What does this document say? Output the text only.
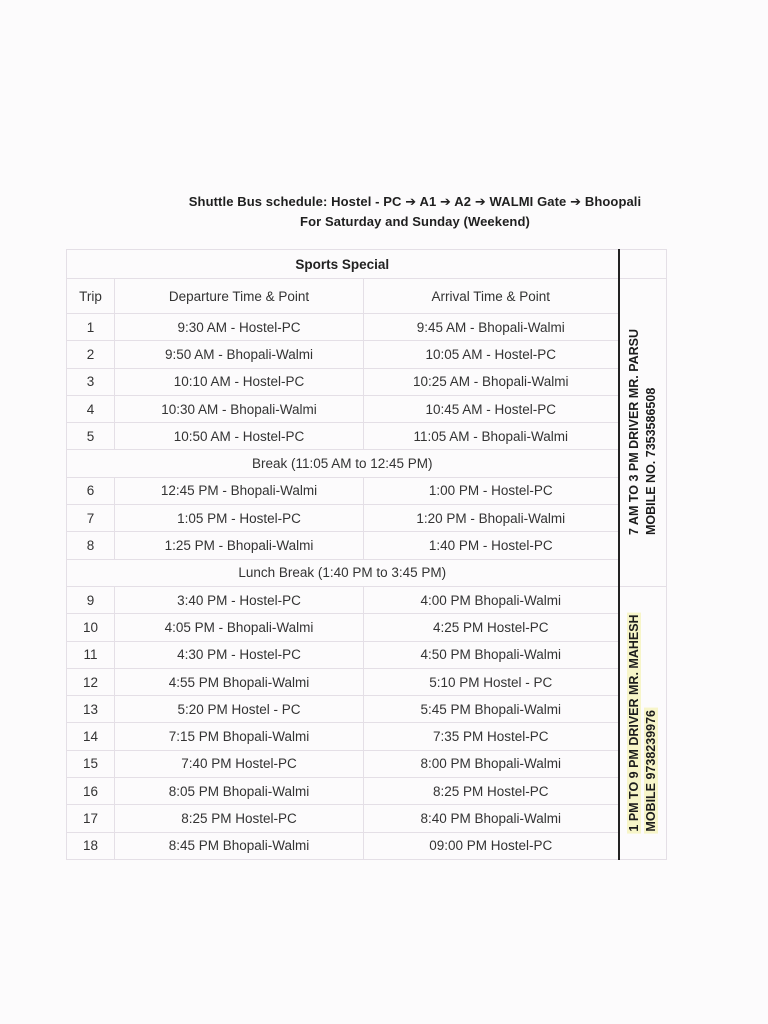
Shuttle Bus schedule: Hostel - PC ➔ A1 ➔ A2 ➔ WALMI Gate ➔ Bhoopali
For Saturday and Sunday (Weekend)
Sports Special			
Trip	Departure Time & Point	Arrival Time & Point	7 AM TO 3 PM DRIVER MR. PARSU MOBILE NO. 7353586508

1	9:30 AM - Hostel-PC	9:45 AM - Bhopali-Walmi	
2	9:50 AM - Bhopali-Walmi	10:05 AM - Hostel-PC	
3	10:10 AM - Hostel-PC	10:25 AM - Bhopali-Walmi	
4	10:30 AM - Bhopali-Walmi	10:45 AM - Hostel-PC	
5	10:50 AM - Hostel-PC	11:05 AM - Bhopali-Walmi	
Break (11:05 AM to 12:45 PM)			
6	12:45 PM - Bhopali-Walmi	1:00 PM - Hostel-PC	
7	1:05 PM - Hostel-PC	1:20 PM - Bhopali-Walmi	
8	1:25 PM - Bhopali-Walmi	1:40 PM - Hostel-PC	
Lunch Break (1:40 PM to 3:45 PM)			
9	3:40 PM - Hostel-PC	4:00 PM Bhopali-Walmi	1 PM TO 9 PM DRIVER MR. MAHESH MOBILE 9738239976

10	4:05 PM - Bhopali-Walmi	4:25 PM Hostel-PC	
11	4:30 PM - Hostel-PC	4:50 PM Bhopali-Walmi	
12	4:55 PM Bhopali-Walmi	5:10 PM Hostel - PC	
13	5:20 PM Hostel - PC	5:45 PM Bhopali-Walmi	
14	7:15 PM Bhopali-Walmi	7:35 PM Hostel-PC	
15	7:40 PM Hostel-PC	8:00 PM Bhopali-Walmi	
16	8:05 PM Bhopali-Walmi	8:25 PM Hostel-PC	
17	8:25 PM Hostel-PC	8:40 PM Bhopali-Walmi	
18	8:45 PM Bhopali-Walmi	09:00 PM Hostel-PC	
